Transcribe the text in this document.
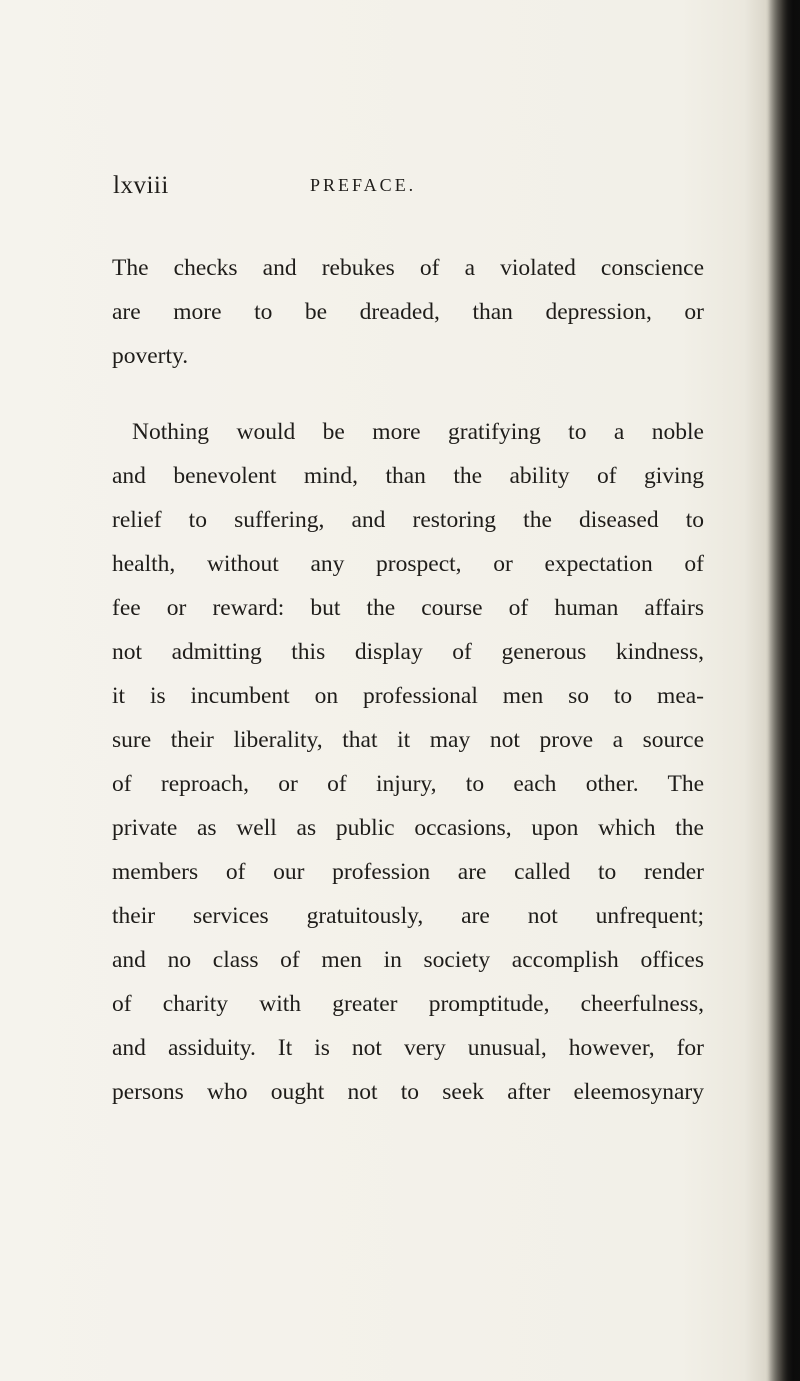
lxviii	PREFACE.

The checks and rebukes of a violated conscience
are more to be dreaded, than depression, or
poverty.

Nothing would be more gratifying to a noble
and benevolent mind, than the ability of giving
relief to suffering, and restoring the diseased to
health, without any prospect, or expectation of
fee or reward: but the course of human affairs
not admitting this display of generous kindness,
it is incumbent on professional men so to mea-
sure their liberality, that it may not prove a source
of reproach, or of injury, to each other. The
private as well as public occasions, upon which the
members of our profession are called to render
their services gratuitously, are not unfrequent;
and no class of men in society accomplish offices
of charity with greater promptitude, cheerfulness,
and assiduity. It is not very unusual, however, for
persons who ought not to seek after eleemosynary
